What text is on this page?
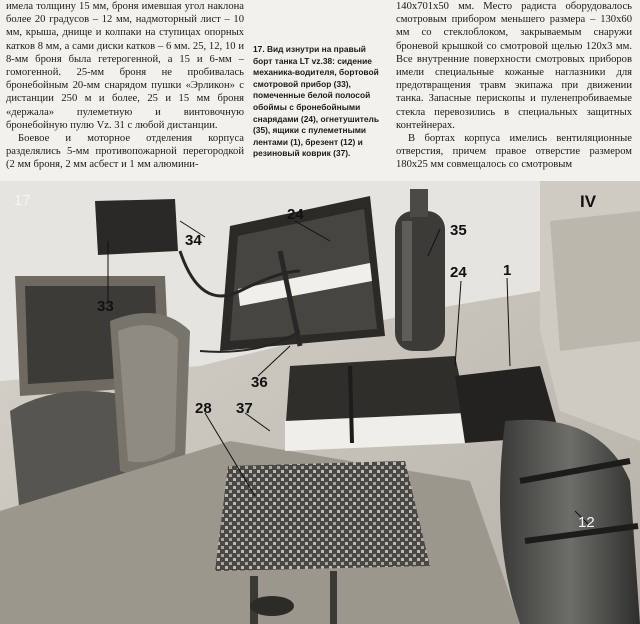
имела толщину 15 мм, броня имевшая угол наклона более 20 градусов – 12 мм, надмоторный лист – 10 мм, крыша, днище и колпаки на ступицах опорных катков 8 мм, а сами диски катков – 6 мм. 25, 12, 10 и 8-мм броня была гетерогенной, а 15 и 6-мм – гомогенной. 25-мм броня не пробивалась бронебойным 20-мм снарядом пушки «Эрликон» с дистанции 250 м и более, 25 и 15 мм броня «держала» пулеметную и винтовочную бронебойную пулю Vz. 31 с любой дистанции.

Боевое и моторное отделения корпуса разделялись 5-мм противопожарной перегородкой (2 мм броня, 2 мм асбест и 1 мм алюмини-

17. Вид изнутри на правый борт танка LT vz.38: сидение механика-водителя, бортовой смотровой прибор (33), помеченные белой полосой обоймы с бронебойными снарядами (24), огнетушитель (35), ящики с пулеметными лентами (1), брезент (12) и резиновый коврик (37).

140x701x50 мм. Место радиста оборудовалось смотровым прибором меньшего размера – 130x60 мм со стеклоблоком, закрываемым снаружи броневой крышкой со смотровой щелью 120x3 мм. Все внутренние поверхности смотровых приборов имели специальные кожаные наглазники для предотвращения травм экипажа при движении танка. Запасные перископы и пуленепробиваемые стекла перевозились в специальных защитных контейнерах.

В бортах корпуса имелись вентиляционные отверстия, причем правое отверстие размером 180x25 мм совмещалось со смотровым

17	IV
24
34
35
33
24 1
36
28 37
12
